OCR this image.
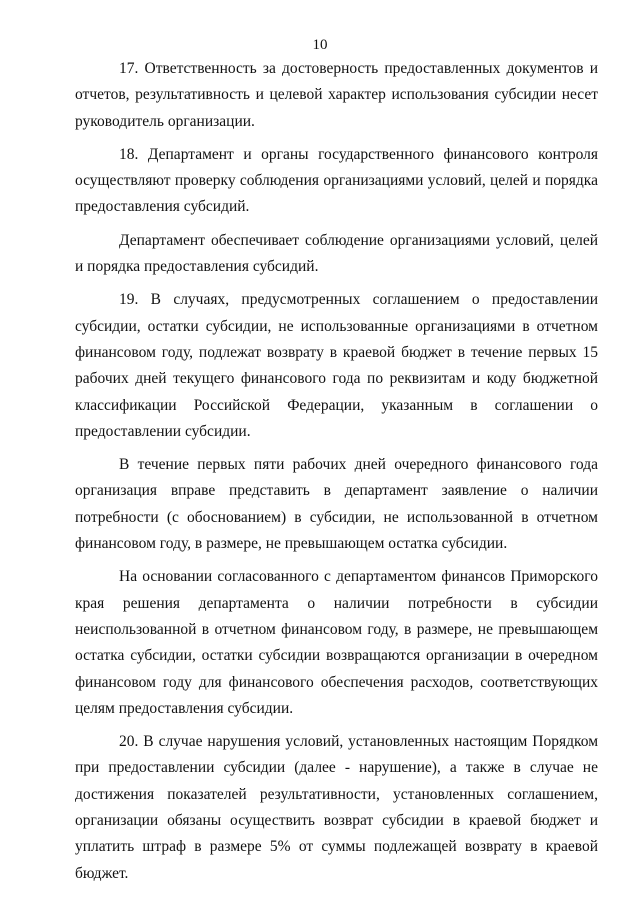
10

17. Ответственность за достоверность предоставленных документов и отчетов, результативность и целевой характер использования субсидии несет руководитель организации.

18. Департамент и органы государственного финансового контроля осуществляют проверку соблюдения организациями условий, целей и порядка предоставления субсидий.

Департамент обеспечивает соблюдение организациями условий, целей и порядка предоставления субсидий.

19. В случаях, предусмотренных соглашением о предоставлении субсидии, остатки субсидии, не использованные организациями в отчетном финансовом году, подлежат возврату в краевой бюджет в течение первых 15 рабочих дней текущего финансового года по реквизитам и коду бюджетной классификации Российской Федерации, указанным в соглашении о предоставлении субсидии.

В течение первых пяти рабочих дней очередного финансового года организация вправе представить в департамент заявление о наличии потребности (с обоснованием) в субсидии, не использованной в отчетном финансовом году, в размере, не превышающем остатка субсидии.

На основании согласованного с департаментом финансов Приморского края решения департамента о наличии потребности в субсидии неиспользованной в отчетном финансовом году, в размере, не превышающем остатка субсидии, остатки субсидии возвращаются организации в очередном финансовом году для финансового обеспечения расходов, соответствующих целям предоставления субсидии.

20. В случае нарушения условий, установленных настоящим Порядком при предоставлении субсидии (далее - нарушение), а также в случае не достижения показателей результативности, установленных соглашением, организации обязаны осуществить возврат субсидии в краевой бюджет и уплатить штраф в размере 5% от суммы подлежащей возврату в краевой бюджет.
